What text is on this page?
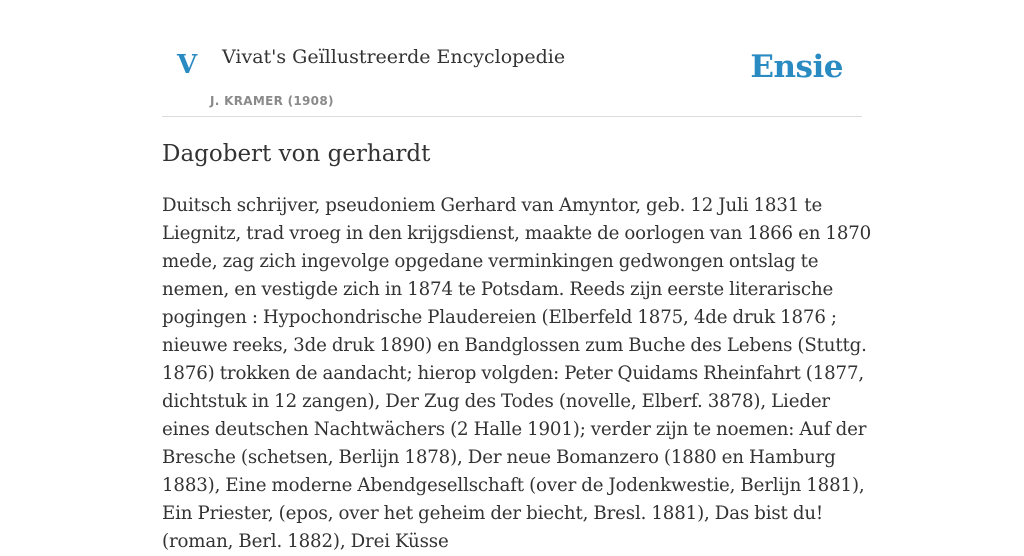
V Vivat's Geïllustreerde Encyclopedie
J. KRAMER (1908)
Ensie
Dagobert von gerhardt

Duitsch schrijver, pseudoniem Gerhard van Amyntor, geb. 12 Juli 1831 te Liegnitz, trad vroeg in den krijgsdienst, maakte de oorlogen van 1866 en 1870 mede, zag zich ingevolge opgedane verminkingen gedwongen ontslag te nemen, en vestigde zich in 1874 te Potsdam. Reeds zijn eerste literarische pogingen : Hypochondrische Plaudereien (Elberfeld 1875, 4de druk 1876 ; nieuwe reeks, 3de druk 1890) en Bandglossen zum Buche des Lebens (Stuttg. 1876) trokken de aandacht; hierop volgden: Peter Quidams Rheinfahrt (1877, dichtstuk in 12 zangen), Der Zug des Todes (novelle, Elberf. 3878), Lieder eines deutschen Nachtwächers (2 Halle 1901); verder zijn te noemen: Auf der Bresche (schetsen, Berlijn 1878), Der neue Bomanzero (1880 en Hamburg 1883), Eine moderne Abendgesellschaft (over de Jodenkwestie, Berlijn 1881), Ein Priester, (epos, over het geheim der biecht, Bresl. 1881), Das bist du! (roman, Berl. 1882), Drei Küsse
